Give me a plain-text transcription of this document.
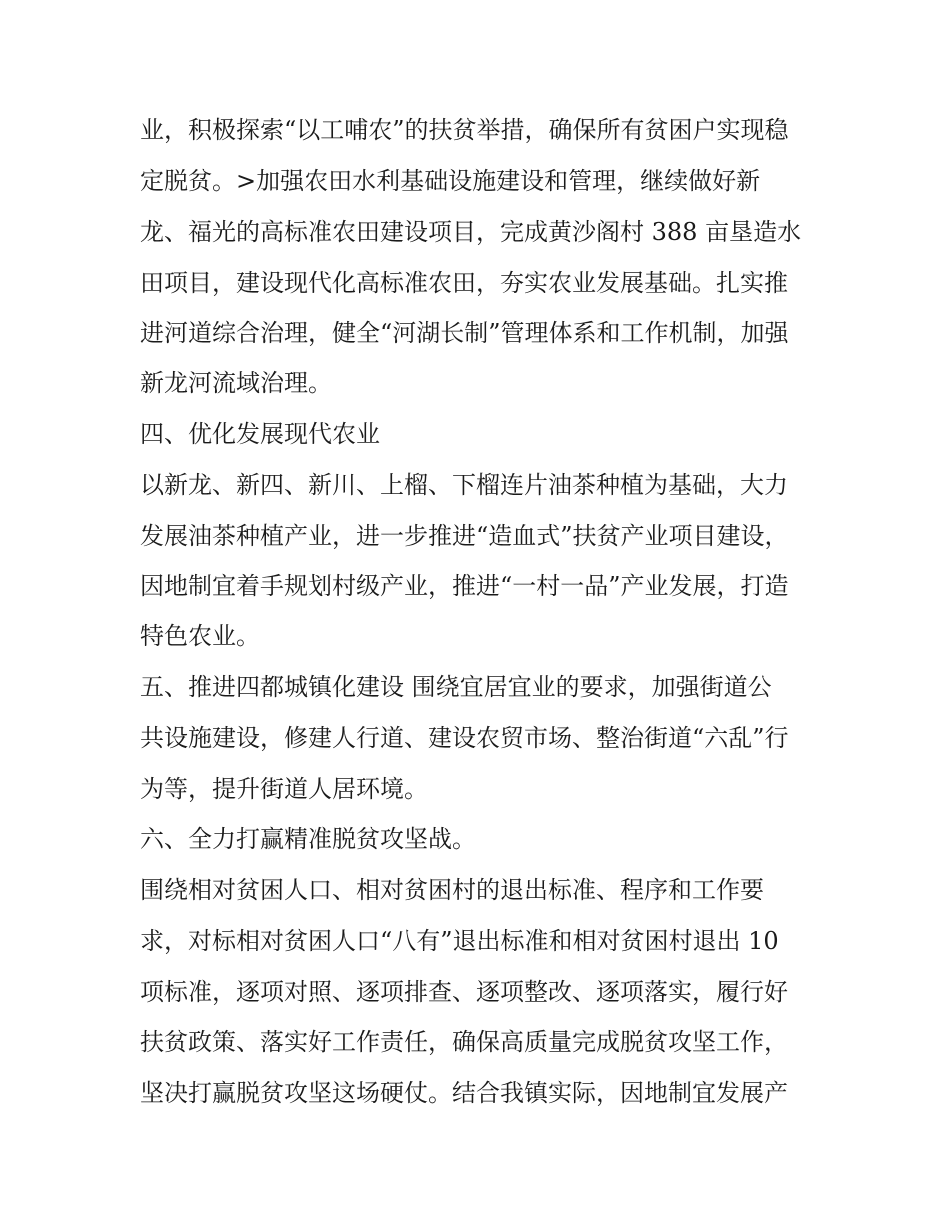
业，积极探索“以工哺农”的扶贫举措，确保所有贫困户实现稳
定脱贫。>加强农田水利基础设施建设和管理，继续做好新
龙、福光的高标准农田建设项目，完成黄沙阁村 388 亩垦造水
田项目，建设现代化高标准农田，夯实农业发展基础。扎实推
进河道综合治理，健全“河湖长制”管理体系和工作机制，加强
新龙河流域治理。
四、优化发展现代农业
以新龙、新四、新川、上榴、下榴连片油茶种植为基础，大力
发展油茶种植产业，进一步推进“造血式”扶贫产业项目建设，
因地制宜着手规划村级产业，推进“一村一品”产业发展，打造
特色农业。
五、推进四都城镇化建设 围绕宜居宜业的要求，加强街道公
共设施建设，修建人行道、建设农贸市场、整治街道“六乱”行
为等，提升街道人居环境。
六、全力打赢精准脱贫攻坚战。
围绕相对贫困人口、相对贫困村的退出标准、程序和工作要
求，对标相对贫困人口“八有”退出标准和相对贫困村退出 10
项标准，逐项对照、逐项排查、逐项整改、逐项落实，履行好
扶贫政策、落实好工作责任，确保高质量完成脱贫攻坚工作，
坚决打赢脱贫攻坚这场硬仗。结合我镇实际，因地制宜发展产
